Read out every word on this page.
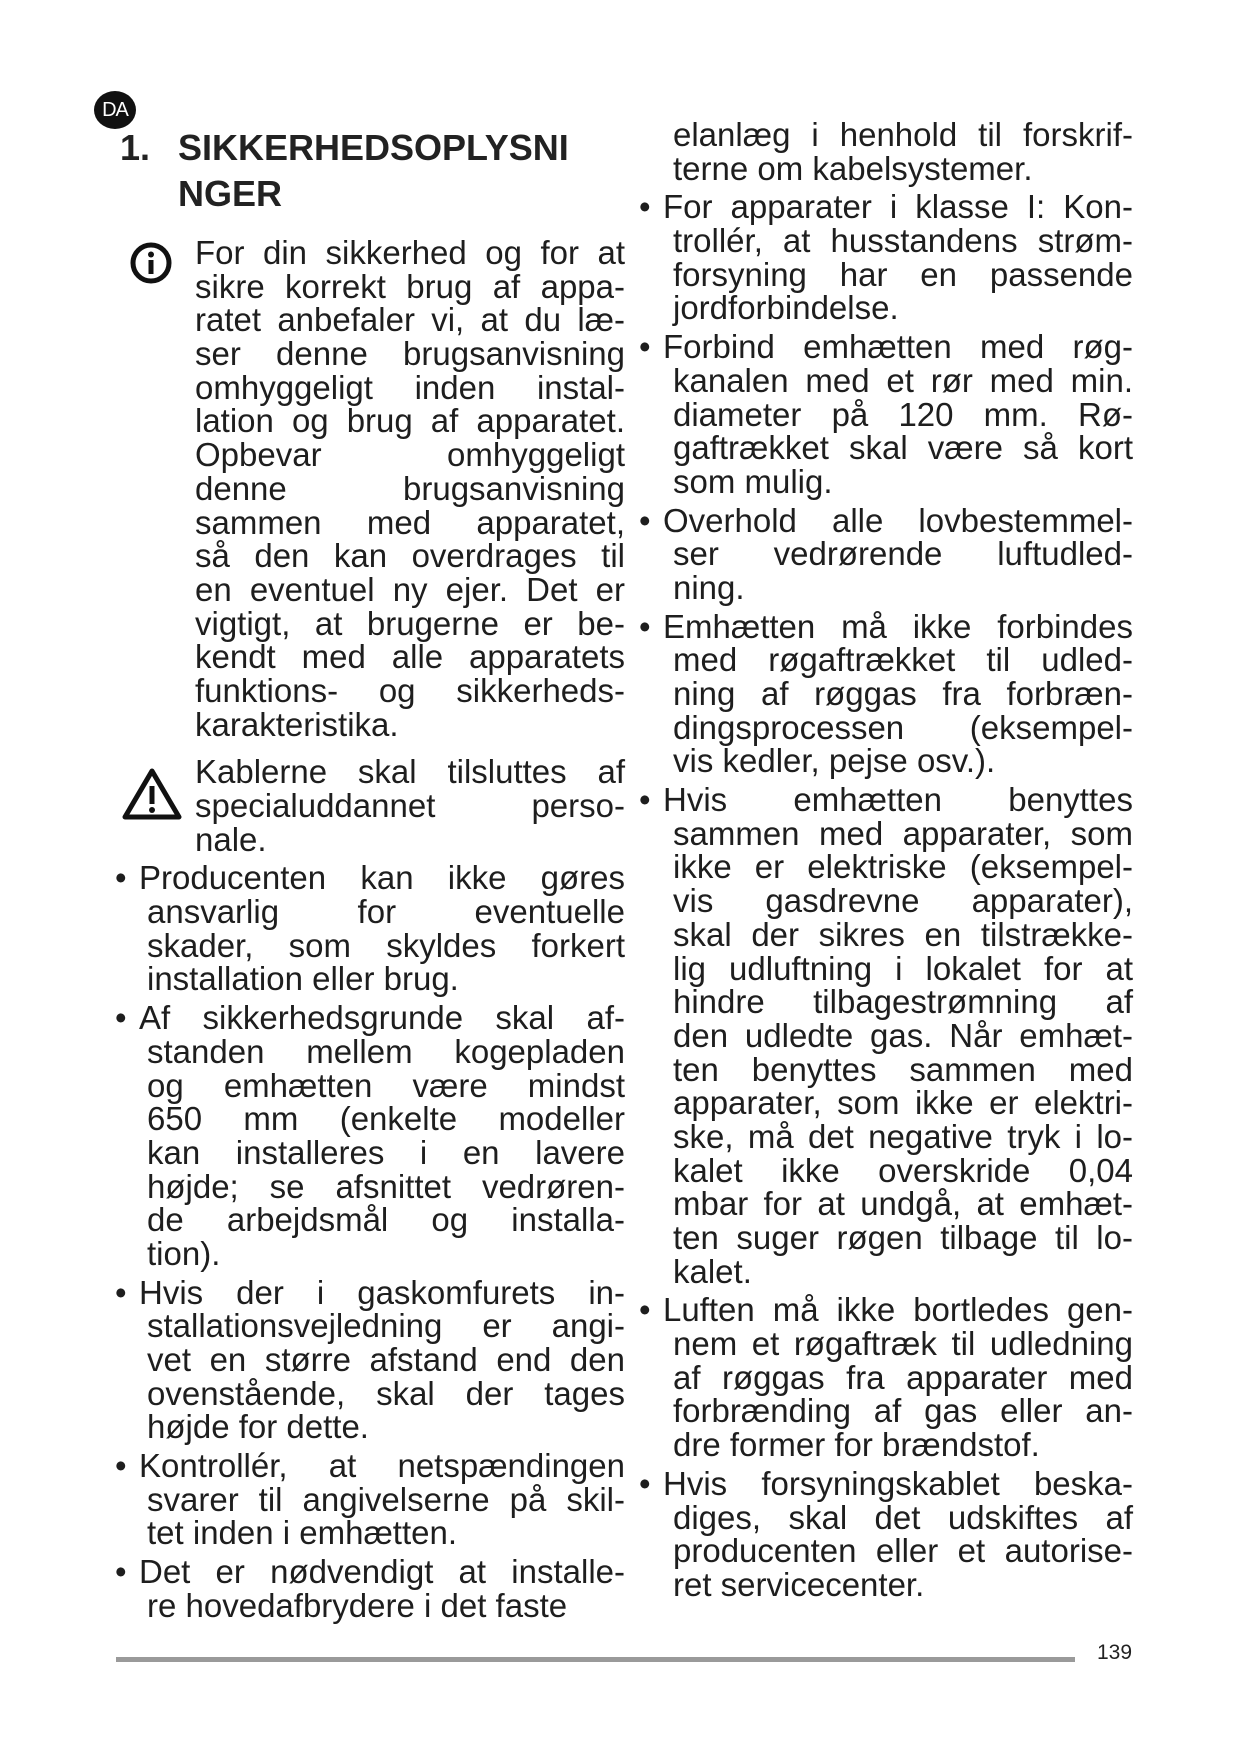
DA
1. SIKKERHEDSOPLYSNI
NGER
For din sikkerhed og for at
sikre korrekt brug af appa-
ratet anbefaler vi, at du læ-
ser denne brugsanvisning
omhyggeligt inden instal-
lation og brug af apparatet.
Opbevar omhyggeligt
denne brugsanvisning
sammen med apparatet,
så den kan overdrages til
en eventuel ny ejer. Det er
vigtigt, at brugerne er be-
kendt med alle apparatets
funktions- og sikkerheds-
karakteristika.
Kablerne skal tilsluttes af
specialuddannet perso-
nale.
• Producenten kan ikke gøres
ansvarlig for eventuelle
skader, som skyldes forkert
installation eller brug.
• Af sikkerhedsgrunde skal af-
standen mellem kogepladen
og emhætten være mindst
650 mm (enkelte modeller
kan installeres i en lavere
højde; se afsnittet vedrøren-
de arbejdsmål og installa-
tion).
• Hvis der i gaskomfurets in-
stallationsvejledning er angi-
vet en større afstand end den
ovenstående, skal der tages
højde for dette.
• Kontrollér, at netspændingen
svarer til angivelserne på skil-
tet inden i emhætten.
• Det er nødvendigt at installe-
re hovedafbrydere i det faste
elanlæg i henhold til forskrif-
terne om kabelsystemer.
• For apparater i klasse I: Kon-
trollér, at husstandens strøm-
forsyning har en passende
jordforbindelse.
• Forbind emhætten med røg-
kanalen med et rør med min.
diameter på 120 mm. Rø-
gaftrækket skal være så kort
som mulig.
• Overhold alle lovbestemmel-
ser vedrørende luftudled-
ning.
• Emhætten må ikke forbindes
med røgaftrækket til udled-
ning af røggas fra forbræn-
dingsprocessen (eksempel-
vis kedler, pejse osv.).
• Hvis emhætten benyttes
sammen med apparater, som
ikke er elektriske (eksempel-
vis gasdrevne apparater),
skal der sikres en tilstrække-
lig udluftning i lokalet for at
hindre tilbagestrømning af
den udledte gas. Når emhæt-
ten benyttes sammen med
apparater, som ikke er elektri-
ske, må det negative tryk i lo-
kalet ikke overskride 0,04
mbar for at undgå, at emhæt-
ten suger røgen tilbage til lo-
kalet.
• Luften må ikke bortledes gen-
nem et røgaftræk til udledning
af røggas fra apparater med
forbrænding af gas eller an-
dre former for brændstof.
• Hvis forsyningskablet beska-
diges, skal det udskiftes af
producenten eller et autorise-
ret servicecenter.
139
